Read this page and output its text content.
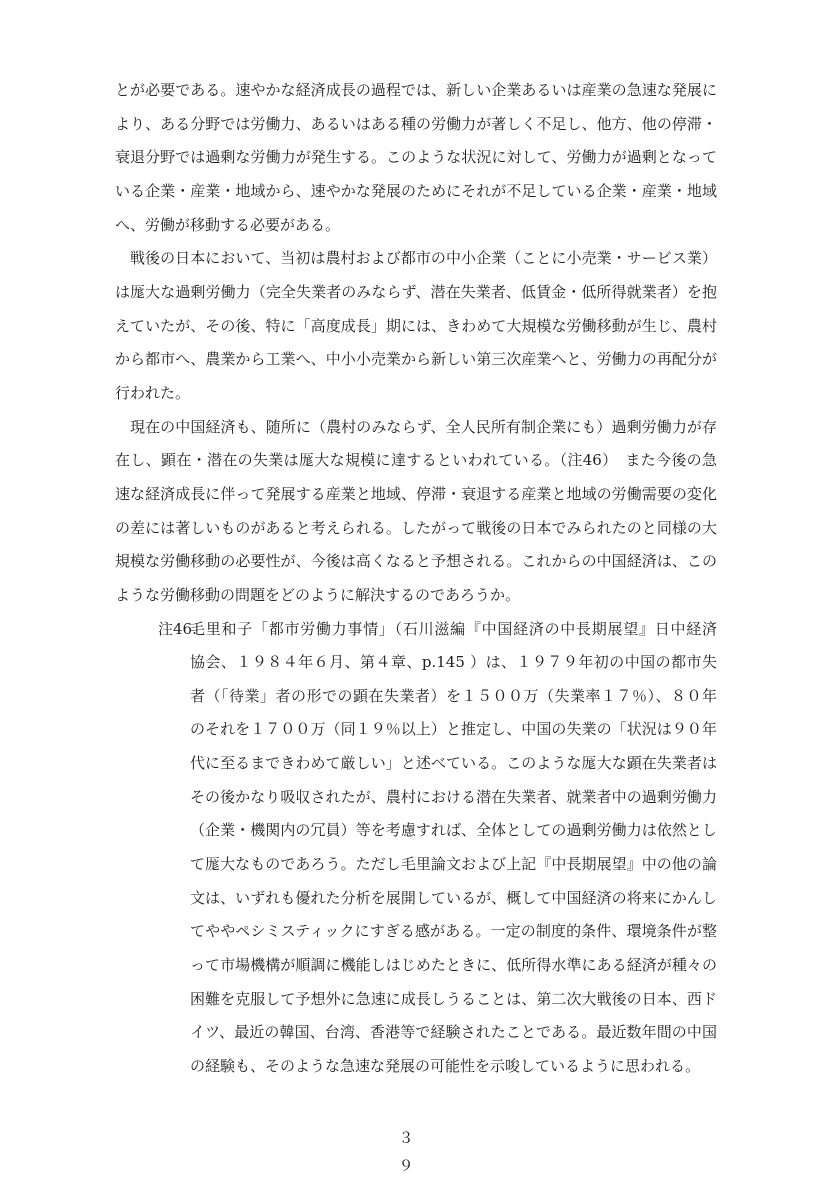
とが必要である。速やかな経済成長の過程では、新しい企業あるいは産業の急速な発展に
より、ある分野では労働力、あるいはある種の労働力が著しく不足し、他方、他の停滞・
衰退分野では過剰な労働力が発生する。このような状況に対して、労働力が過剰となって
いる企業・産業・地域から、速やかな発展のためにそれが不足している企業・産業・地域
へ、労働が移動する必要がある。
戦後の日本において、当初は農村および都市の中小企業（ことに小売業・サービス業）
は厖大な過剰労働力（完全失業者のみならず、潜在失業者、低賃金・低所得就業者）を抱
えていたが、その後、特に「高度成長」期には、きわめて大規模な労働移動が生じ、農村
から都市へ、農業から工業へ、中小小売業から新しい第三次産業へと、労働力の再配分が
行われた。
現在の中国経済も、随所に（農村のみならず、全人民所有制企業にも）過剰労働力が存
在し、顕在・潜在の失業は厖大な規模に達するといわれている。（注46）　また今後の急
速な経済成長に伴って発展する産業と地域、停滞・衰退する産業と地域の労働需要の変化
の差には著しいものがあると考えられる。したがって戦後の日本でみられたのと同様の大
規模な労働移動の必要性が、今後は高くなると予想される。これからの中国経済は、この
ような労働移動の問題をどのように解決するのであろうか。
注46.
毛里和子「都市労働力事情」（石川滋編『中国経済の中長期展望』日中経済
協会、１９８４年６月、第４章、p.145 ）は、１９７９年初の中国の都市失
者（「待業」者の形での顕在失業者）を１５００万（失業率１７％）、８０年
のそれを１７００万（同１９％以上）と推定し、中国の失業の「状況は９０年
代に至るまできわめて厳しい」と述べている。このような厖大な顕在失業者は
その後かなり吸収されたが、農村における潜在失業者、就業者中の過剰労働力
（企業・機関内の冗員）等を考慮すれば、全体としての過剰労働力は依然とし
て厖大なものであろう。ただし毛里論文および上記『中長期展望』中の他の論
文は、いずれも優れた分析を展開しているが、概して中国経済の将来にかんし
てややペシミスティックにすぎる感がある。一定の制度的条件、環境条件が整
って市場機構が順調に機能しはじめたときに、低所得水準にある経済が種々の
困難を克服して予想外に急速に成長しうることは、第二次大戦後の日本、西ド
イツ、最近の韓国、台湾、香港等で経験されたことである。最近数年間の中国
の経験も、そのような急速な発展の可能性を示唆しているように思われる。
３９
